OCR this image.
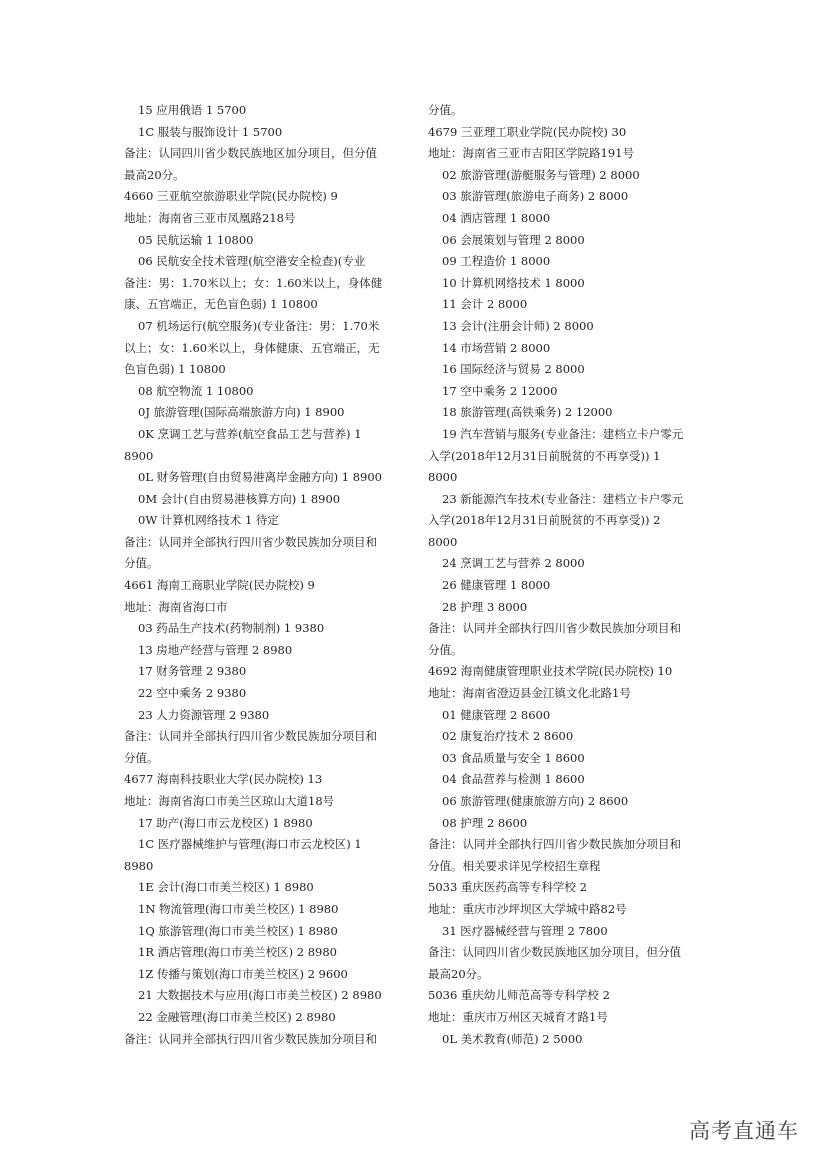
15 应用俄语 1 5700
1C 服装与服饰设计 1 5700
备注：认同四川省少数民族地区加分项目，但分值
最高20分。
4660 三亚航空旅游职业学院(民办院校) 9
地址：海南省三亚市凤凰路218号
05 民航运输 1 10800
06 民航安全技术管理(航空港安全检查)(专业
备注：男：1.70米以上；女：1.60米以上，身体健
康、五官端正，无色盲色弱) 1 10800
07 机场运行(航空服务)(专业备注：男：1.70米
以上；女：1.60米以上，身体健康、五官端正，无
色盲色弱) 1 10800
08 航空物流 1 10800
0J 旅游管理(国际高端旅游方向) 1 8900
0K 烹调工艺与营养(航空食品工艺与营养) 1
8900
0L 财务管理(自由贸易港离岸金融方向) 1 8900
0M 会计(自由贸易港核算方向) 1 8900
0W 计算机网络技术 1 待定
备注：认同并全部执行四川省少数民族加分项目和
分值。
4661 海南工商职业学院(民办院校) 9
地址：海南省海口市
03 药品生产技术(药物制剂) 1 9380
13 房地产经营与管理 2 8980
17 财务管理 2 9380
22 空中乘务 2 9380
23 人力资源管理 2 9380
备注：认同并全部执行四川省少数民族加分项目和
分值。
4677 海南科技职业大学(民办院校) 13
地址：海南省海口市美兰区琼山大道18号
17 助产(海口市云龙校区) 1 8980
1C 医疗器械维护与管理(海口市云龙校区) 1
8980
1E 会计(海口市美兰校区) 1 8980
1N 物流管理(海口市美兰校区) 1 8980
1Q 旅游管理(海口市美兰校区) 1 8980
1R 酒店管理(海口市美兰校区) 2 8980
1Z 传播与策划(海口市美兰校区) 2 9600
21 大数据技术与应用(海口市美兰校区) 2 8980
22 金融管理(海口市美兰校区) 2 8980
备注：认同并全部执行四川省少数民族加分项目和
分值。
4679 三亚理工职业学院(民办院校) 30
地址：海南省三亚市吉阳区学院路191号
02 旅游管理(游艇服务与管理) 2 8000
03 旅游管理(旅游电子商务) 2 8000
04 酒店管理 1 8000
06 会展策划与管理 2 8000
09 工程造价 1 8000
10 计算机网络技术 1 8000
11 会计 2 8000
13 会计(注册会计师) 2 8000
14 市场营销 2 8000
16 国际经济与贸易 2 8000
17 空中乘务 2 12000
18 旅游管理(高铁乘务) 2 12000
19 汽车营销与服务(专业备注：建档立卡户零元
入学(2018年12月31日前脱贫的不再享受)) 1
8000
23 新能源汽车技术(专业备注：建档立卡户零元
入学(2018年12月31日前脱贫的不再享受)) 2
8000
24 烹调工艺与营养 2 8000
26 健康管理 1 8000
28 护理 3 8000
备注：认同并全部执行四川省少数民族加分项目和
分值。
4692 海南健康管理职业技术学院(民办院校) 10
地址：海南省澄迈县金江镇文化北路1号
01 健康管理 2 8600
02 康复治疗技术 2 8600
03 食品质量与安全 1 8600
04 食品营养与检测 1 8600
06 旅游管理(健康旅游方向) 2 8600
08 护理 2 8600
备注：认同并全部执行四川省少数民族加分项目和
分值。相关要求详见学校招生章程
5033 重庆医药高等专科学校 2
地址：重庆市沙坪坝区大学城中路82号
31 医疗器械经营与管理 2 7800
备注：认同四川省少数民族地区加分项目，但分值
最高20分。
5036 重庆幼儿师范高等专科学校 2
地址：重庆市万州区天城育才路1号
0L 美术教育(师范) 2 5000
高考直通车
